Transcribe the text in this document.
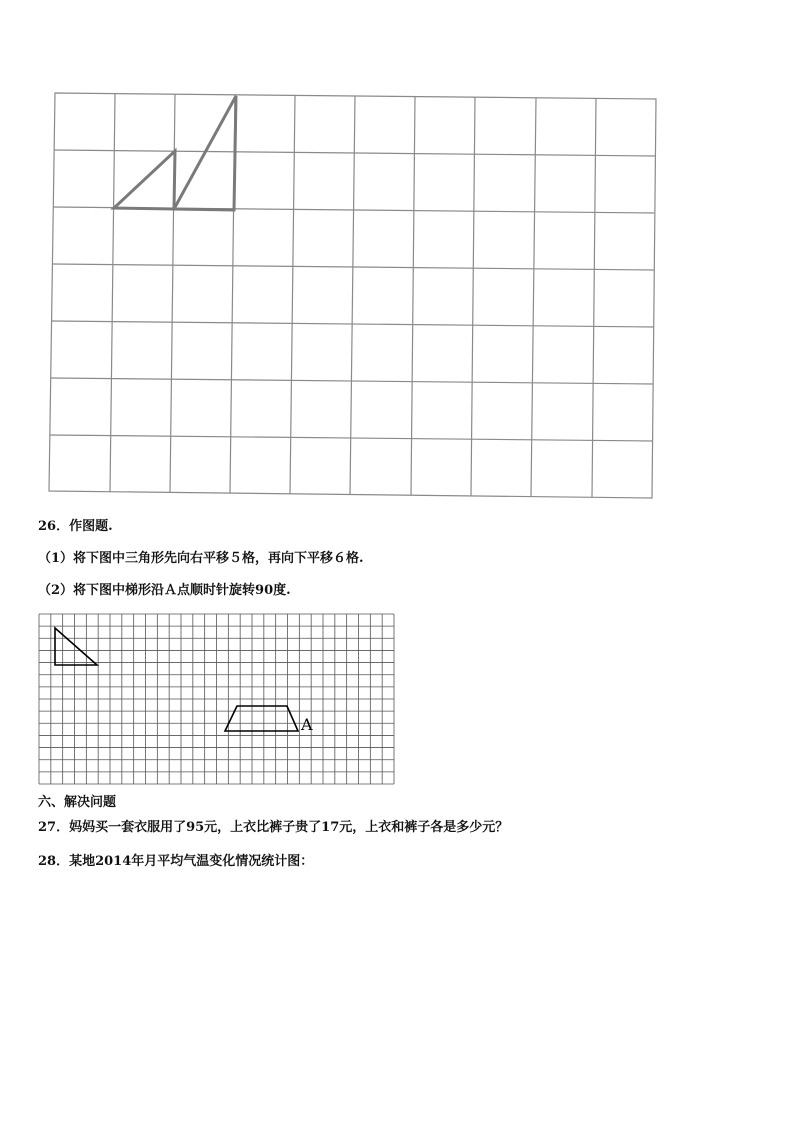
26．作图题.
（1）将下图中三角形先向右平移５格，再向下平移６格.
（2）将下图中梯形沿Ａ点顺时针旋转90度.
A
六、解决问题
27．妈妈买一套衣服用了95元，上衣比裤子贵了17元，上衣和裤子各是多少元？
28．某地2014年月平均气温变化情况统计图：
